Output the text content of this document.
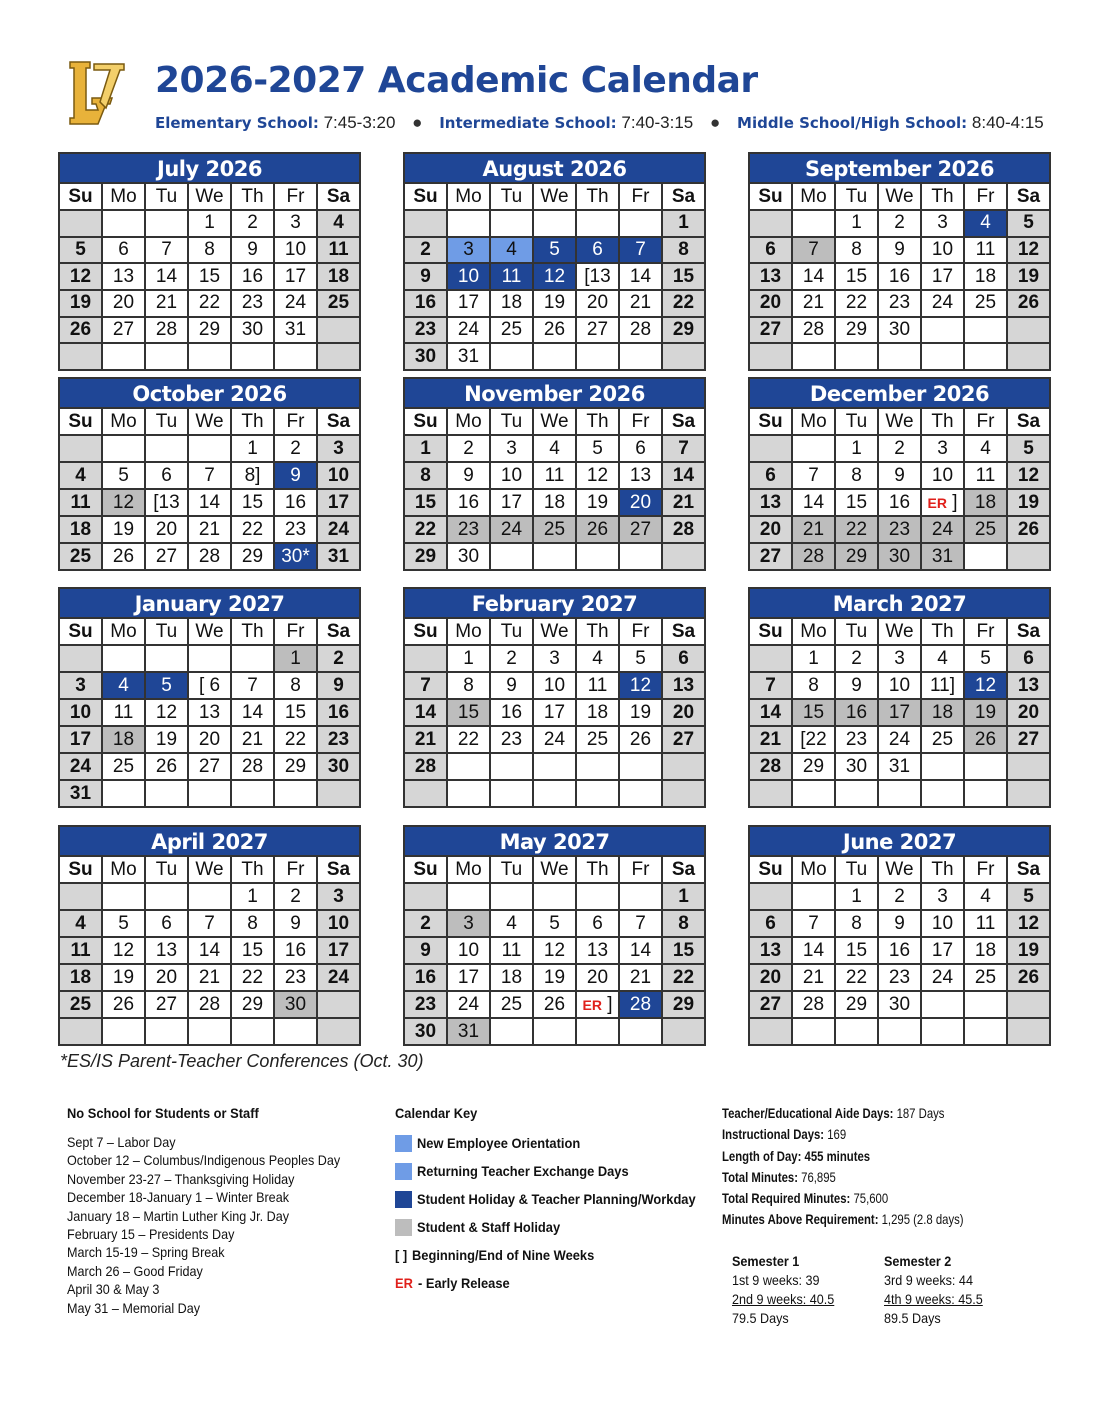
2026-2027 Academic Calendar
Elementary School: 7:45-3:20 ● Intermediate School: 7:40-3:15 ● Middle School/High School: 8:40-4:15
July 2026
Su	Mo	Tu	We	Th	Fr	Sa
			1	2	3	4
5	6	7	8	9	10	11
12	13	14	15	16	17	18
19	20	21	22	23	24	25
26	27	28	29	30	31	

August 2026
Su	Mo	Tu	We	Th	Fr	Sa
						1
2	3	4	5	6	7	8
9	10	11	12	[13	14	15
16	17	18	19	20	21	22
23	24	25	26	27	28	29
30	31					
September 2026
Su	Mo	Tu	We	Th	Fr	Sa
		1	2	3	4	5
6	7	8	9	10	11	12
13	14	15	16	17	18	19
20	21	22	23	24	25	26
27	28	29	30			

October 2026
Su	Mo	Tu	We	Th	Fr	Sa
				1	2	3
4	5	6	7	8]	9	10
11	12	[13	14	15	16	17
18	19	20	21	22	23	24
25	26	27	28	29	30*	31
November 2026
Su	Mo	Tu	We	Th	Fr	Sa
1	2	3	4	5	6	7
8	9	10	11	12	13	14
15	16	17	18	19	20	21
22	23	24	25	26	27	28
29	30					
December 2026
Su	Mo	Tu	We	Th	Fr	Sa
		1	2	3	4	5
6	7	8	9	10	11	12
13	14	15	16	ER ]	18	19
20	21	22	23	24	25	26
27	28	29	30	31		
January 2027
Su	Mo	Tu	We	Th	Fr	Sa
					1	2
3	4	5	[ 6	7	8	9
10	11	12	13	14	15	16
17	18	19	20	21	22	23
24	25	26	27	28	29	30
31						
February 2027
Su	Mo	Tu	We	Th	Fr	Sa
	1	2	3	4	5	6
7	8	9	10	11	12	13
14	15	16	17	18	19	20
21	22	23	24	25	26	27
28						

March 2027
Su	Mo	Tu	We	Th	Fr	Sa
	1	2	3	4	5	6
7	8	9	10	11]	12	13
14	15	16	17	18	19	20
21	[22	23	24	25	26	27
28	29	30	31			

April 2027
Su	Mo	Tu	We	Th	Fr	Sa
				1	2	3
4	5	6	7	8	9	10
11	12	13	14	15	16	17
18	19	20	21	22	23	24
25	26	27	28	29	30	

May 2027
Su	Mo	Tu	We	Th	Fr	Sa
						1
2	3	4	5	6	7	8
9	10	11	12	13	14	15
16	17	18	19	20	21	22
23	24	25	26	ER ]	28	29
30	31					
June 2027
Su	Mo	Tu	We	Th	Fr	Sa
		1	2	3	4	5
6	7	8	9	10	11	12
13	14	15	16	17	18	19
20	21	22	23	24	25	26
27	28	29	30			

*ES/IS Parent-Teacher Conferences (Oct. 30)
No School for Students or Staff
Sept 7 – Labor Day
October 12 – Columbus/Indigenous Peoples Day
November 23-27 – Thanksgiving Holiday
December 18-January 1 – Winter Break
January 18 – Martin Luther King Jr. Day
February 15 – Presidents Day
March 15-19 – Spring Break
March 26 – Good Friday
April 30 & May 3
May 31 – Memorial Day
Calendar Key
New Employee Orientation
Returning Teacher Exchange Days
Student Holiday & Teacher Planning/Workday
Student & Staff Holiday
[ ] Beginning/End of Nine Weeks
ER - Early Release
Teacher/Educational Aide Days: 187 Days
Instructional Days: 169
Length of Day: 455 minutes
Total Minutes: 76,895
Total Required Minutes: 75,600
Minutes Above Requirement: 1,295 (2.8 days)
Semester 1
1st 9 weeks: 39
2nd 9 weeks: 40.5
79.5 Days
Semester 2
3rd 9 weeks: 44
4th 9 weeks: 45.5
89.5 Days
